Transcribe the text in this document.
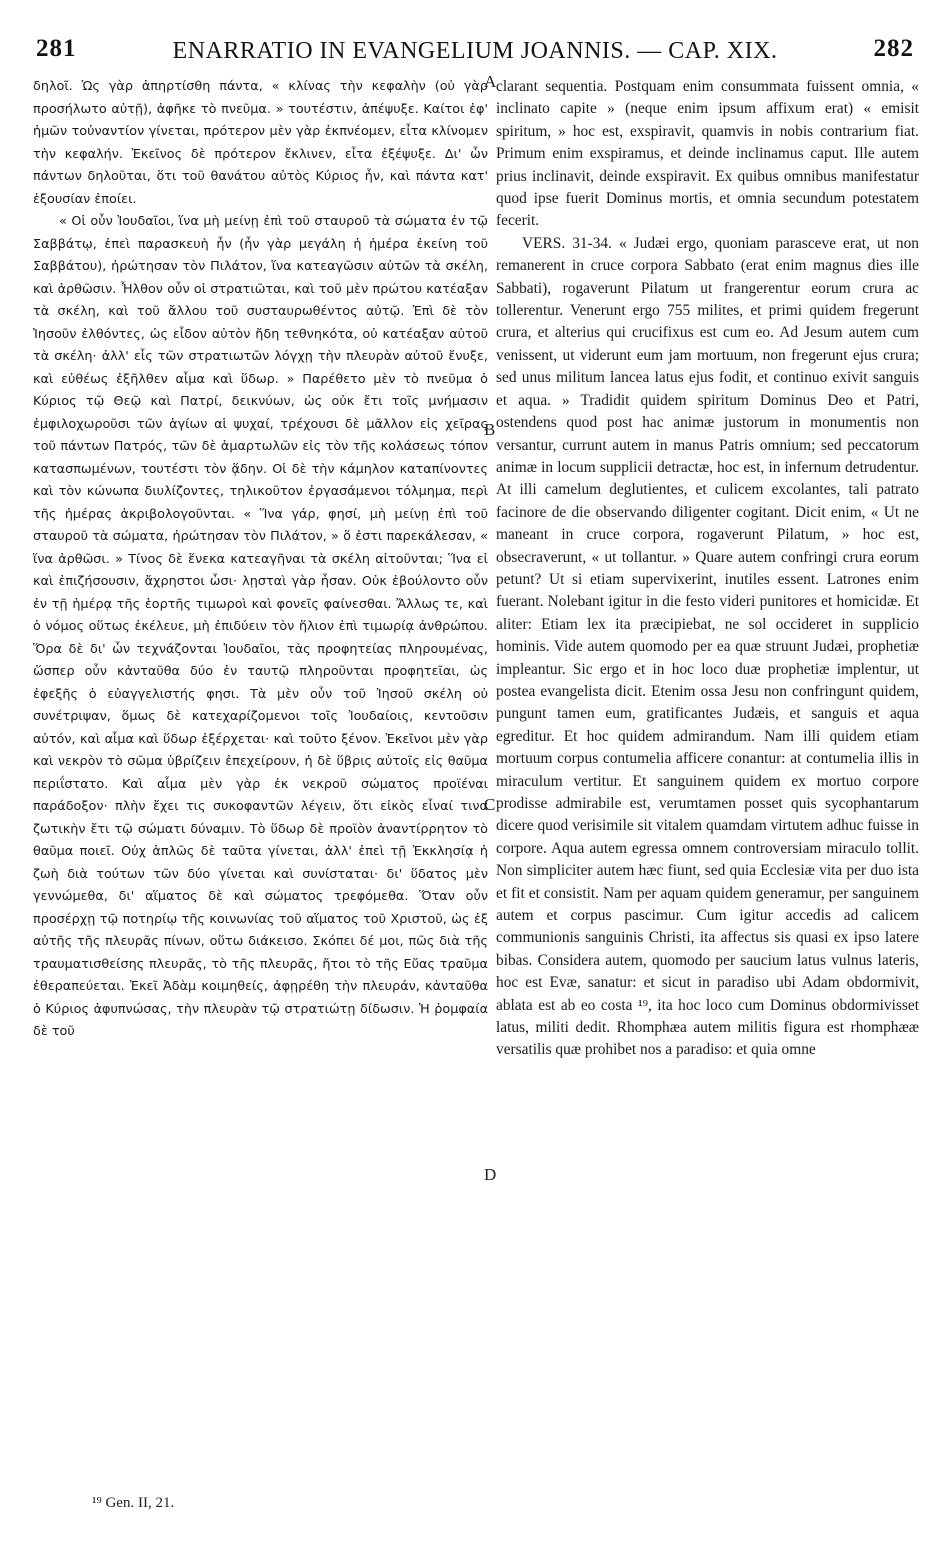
281	ENARRATIO IN EVANGELIUM JOANNIS. — CAP. XIX.	282

δηλοῖ. Ὡς γὰρ ἀπηρτίσθη πάντα, « κλίνας τὴν κεφαλὴν (οὐ γὰρ προσήλωτο αὐτῇ), ἀφῆκε τὸ πνεῦμα. » τουτέστιν, ἀπέψυξε. Καίτοι ἐφ' ἡμῶν τοὐναντίον γίνεται, πρότερον μὲν γὰρ ἐκπνέομεν, εἶτα κλίνομεν τὴν κεφαλήν. Ἐκεῖνος δὲ πρότερον ἔκλινεν, εἶτα ἐξέψυξε. Δι' ὧν πάντων δηλοῦται, ὅτι τοῦ θανάτου αὐτὸς Κύριος ἦν, καὶ πάντα κατ' ἐξουσίαν ἐποίει.

« Οἱ οὖν Ἰουδαῖοι, ἵνα μὴ μείνῃ ἐπὶ τοῦ σταυροῦ τὰ σώματα ἐν τῷ Σαββάτῳ, ἐπεὶ παρασκευὴ ἦν (ἦν γὰρ μεγάλη ἡ ἡμέρα ἐκείνη τοῦ Σαββάτου), ἠρώτησαν τὸν Πιλάτον, ἵνα κατεαγῶσιν αὐτῶν τὰ σκέλη, καὶ ἀρθῶσιν. Ἦλθον οὖν οἱ στρατιῶται, καὶ τοῦ μὲν πρώτου κατέαξαν τὰ σκέλη, καὶ τοῦ ἄλλου τοῦ συσταυρωθέντος αὐτῷ. Ἐπὶ δὲ τὸν Ἰησοῦν ἐλθόντες, ὡς εἶδον αὐτὸν ἤδη τεθνηκότα, οὐ κατέαξαν αὐτοῦ τὰ σκέλη· ἀλλ' εἷς τῶν στρατιωτῶν λόγχῃ τὴν πλευρὰν αὐτοῦ ἔνυξε, καὶ εὐθέως ἐξῆλθεν αἷμα καὶ ὕδωρ. » Παρέθετο μὲν τὸ πνεῦμα ὁ Κύριος τῷ Θεῷ καὶ Πατρί, δεικνύων, ὡς οὐκ ἔτι τοῖς μνήμασιν ἐμφιλοχωροῦσι τῶν ἁγίων αἱ ψυχαί, τρέχουσι δὲ μᾶλλον εἰς χεῖρας τοῦ πάντων Πατρός, τῶν δὲ ἁμαρτωλῶν εἰς τὸν τῆς κολάσεως τόπον κατασπωμένων, τουτέστι τὸν ᾅδην. Οἱ δὲ τὴν κάμηλον καταπίνοντες καὶ τὸν κώνωπα διυλίζοντες, τηλικοῦτον ἐργασάμενοι τόλμημα, περὶ τῆς ἡμέρας ἀκριβολογοῦνται. « Ἵνα γάρ, φησί, μὴ μείνῃ ἐπὶ τοῦ σταυροῦ τὰ σώματα, ἠρώτησαν τὸν Πιλάτον, » ὅ ἐστι παρεκάλεσαν, « ἵνα ἀρθῶσι. » Τίνος δὲ ἕνεκα κατεαγῆναι τὰ σκέλη αἰτοῦνται; Ἵνα εἰ καὶ ἐπιζήσουσιν, ἄχρηστοι ὦσι· λῃσταὶ γὰρ ἦσαν. Οὐκ ἐβούλοντο οὖν ἐν τῇ ἡμέρᾳ τῆς ἑορτῆς τιμωροὶ καὶ φονεῖς φαίνεσθαι. Ἄλλως τε, καὶ ὁ νόμος οὕτως ἐκέλευε, μὴ ἐπιδύειν τὸν ἥλιον ἐπὶ τιμωρίᾳ ἀνθρώπου. Ὅρα δὲ δι' ὧν τεχνάζονται Ἰουδαῖοι, τὰς προφητείας πληρουμένας, ὥσπερ οὖν κἀνταῦθα δύο ἐν ταυτῷ πληροῦνται προφητεῖαι, ὡς ἐφεξῆς ὁ εὐαγγελιστής φησι. Τὰ μὲν οὖν τοῦ Ἰησοῦ σκέλη οὐ συνέτριψαν, ὅμως δὲ κατεχαρίζομενοι τοῖς Ἰουδαίοις, κεντοῦσιν αὐτόν, καὶ αἷμα καὶ ὕδωρ ἐξέρχεται· καὶ τοῦτο ξένον. Ἐκεῖνοι μὲν γὰρ καὶ νεκρὸν τὸ σῶμα ὑβρίζειν ἐπεχείρουν, ἡ δὲ ὕβρις αὐτοῖς εἰς θαῦμα περιΐστατο. Καὶ αἷμα μὲν γὰρ ἐκ νεκροῦ σώματος προϊέναι παράδοξον· πλὴν ἔχει τις συκοφαντῶν λέγειν, ὅτι εἰκὸς εἶναί τινα ζωτικὴν ἔτι τῷ σώματι δύναμιν. Τὸ ὕδωρ δὲ προϊὸν ἀναντίρρητον τὸ θαῦμα ποιεῖ. Οὐχ ἁπλῶς δὲ ταῦτα γίνεται, ἀλλ' ἐπεὶ τῇ Ἐκκλησίᾳ ἡ ζωὴ διὰ τούτων τῶν δύο γίνεται καὶ συνίσταται· δι' ὕδατος μὲν γεννώμεθα, δι' αἵματος δὲ καὶ σώματος τρεφόμεθα. Ὅταν οὖν προσέρχῃ τῷ ποτηρίῳ τῆς κοινωνίας τοῦ αἵματος τοῦ Χριστοῦ, ὡς ἐξ αὐτῆς τῆς πλευρᾶς πίνων, οὕτω διάκεισο. Σκόπει δέ μοι, πῶς διὰ τῆς τραυματισθείσης πλευρᾶς, τὸ τῆς πλευρᾶς, ἤτοι τὸ τῆς Εὔας τραῦμα ἐθεραπεύεται. Ἐκεῖ Ἀδὰμ κοιμηθείς, ἀφῃρέθη τὴν πλευράν, κἀνταῦθα ὁ Κύριος ἀφυπνώσας, τὴν πλευρὰν τῷ στρατιώτῃ δίδωσιν. Ἡ ῥομφαία δὲ τοῦ

A
B
C
D

clarant sequentia. Postquam enim consummata fuissent omnia, « inclinato capite » (neque enim ipsum affixum erat) « emisit spiritum, » hoc est, exspiravit, quamvis in nobis contrarium fiat. Primum enim exspiramus, et deinde inclinamus caput. Ille autem prius inclinavit, deinde exspiravit. Ex quibus omnibus manifestatur quod ipse fuerit Dominus mortis, et omnia secundum potestatem fecerit.

VERS. 31-34. « Judæi ergo, quoniam parasceve erat, ut non remanerent in cruce corpora Sabbato (erat enim magnus dies ille Sabbati), rogaverunt Pilatum ut frangerentur eorum crura ac tollerentur. Venerunt ergo 755 milites, et primi quidem fregerunt crura, et alterius qui crucifixus est cum eo. Ad Jesum autem cum venissent, ut viderunt eum jam mortuum, non fregerunt ejus crura; sed unus militum lancea latus ejus fodit, et continuo exivit sanguis et aqua. » Tradidit quidem spiritum Dominus Deo et Patri, ostendens quod post hac animæ justorum in monumentis non versantur, currunt autem in manus Patris omnium; sed peccatorum animæ in locum supplicii detractæ, hoc est, in infernum detrudentur. At illi camelum deglutientes, et culicem excolantes, tali patrato facinore de die observando diligenter cogitant. Dicit enim, « Ut ne maneant in cruce corpora, rogaverunt Pilatum, » hoc est, obsecraverunt, « ut tollantur. » Quare autem confringi crura eorum petunt? Ut si etiam supervixerint, inutiles essent. Latrones enim fuerant. Nolebant igitur in die festo videri punitores et homicidæ. Et aliter: Etiam lex ita præcipiebat, ne sol occideret in supplicio hominis. Vide autem quomodo per ea quæ struunt Judæi, prophetiæ impleantur. Sic ergo et in hoc loco duæ prophetiæ implentur, ut postea evangelista dicit. Etenim ossa Jesu non confringunt quidem, pungunt tamen eum, gratificantes Judæis, et sanguis et aqua egreditur. Et hoc quidem admirandum. Nam illi quidem etiam mortuum corpus contumelia afficere conantur: at contumelia illis in miraculum vertitur. Et sanguinem quidem ex mortuo corpore prodisse admirabile est, verumtamen posset quis sycophantarum dicere quod verisimile sit vitalem quamdam virtutem adhuc fuisse in corpore. Aqua autem egressa omnem controversiam miraculo tollit. Non simpliciter autem hæc fiunt, sed quia Ecclesiæ vita per duo ista et fit et consistit. Nam per aquam quidem generamur, per sanguinem autem et corpus pascimur. Cum igitur accedis ad calicem communionis sanguinis Christi, ita affectus sis quasi ex ipso latere bibas. Considera autem, quomodo per saucium latus vulnus lateris, hoc est Evæ, sanatur: et sicut in paradiso ubi Adam obdormivit, ablata est ab eo costa ¹⁹, ita hoc loco cum Dominus obdormivisset latus, militi dedit. Rhomphæa autem militis figura est rhomphææ versatilis quæ prohibet nos a paradiso: et quia omne

¹⁹ Gen. II, 21.
